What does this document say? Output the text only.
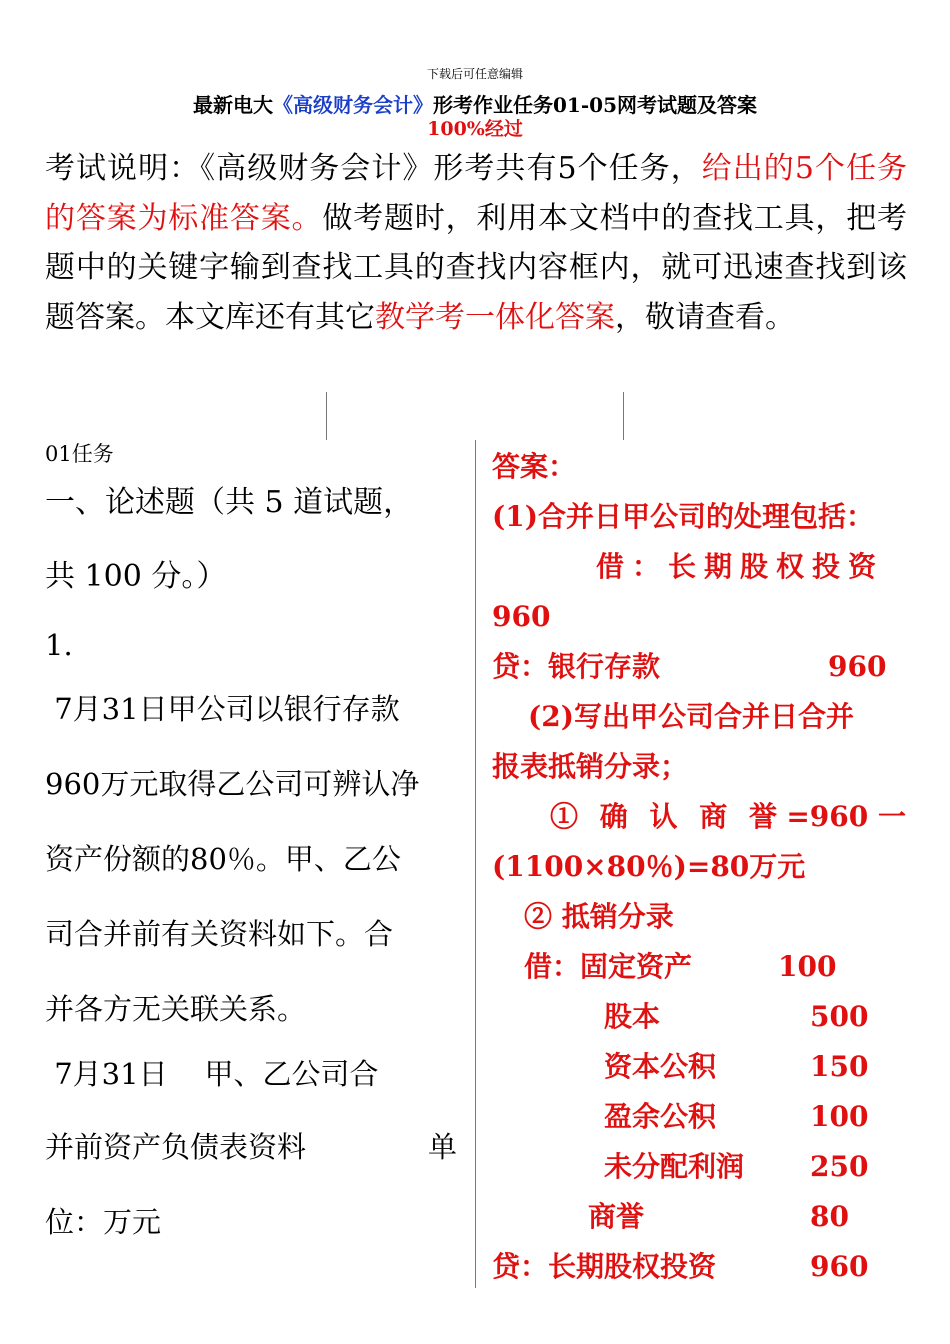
下载后可任意编辑
最新电大《高级财务会计》形考作业任务01-05网考试题及答案
100%经过
考试说明：《高级财务会计》形考共有5个任务，给出的5个任务的答案为标准答案。做考题时，利用本文档中的查找工具，把考题中的关键字输到查找工具的查找内容框内，就可迅速查找到该题答案。本文库还有其它教学考一体化答案，敬请查看。
01任务
一、论述题（共 5 道试题，
共 100 分。）
1.
7月31日甲公司以银行存款
960万元取得乙公司可辨认净
资产份额的80％。甲、乙公
司合并前有关资料如下。合
并各方无关联关系。
7月31日    甲、乙公司合
并前资产负债表资料	单
位：万元
答案：
(1)合并日甲公司的处理包括：
借：长期股权投资
960
贷：银行存款	960
(2)写出甲公司合并日合并
报表抵销分录；
① 确 认 商 誉 =960 一
(1100×80％)=80万元
② 抵销分录
借：固定资产	100
股本	500
资本公积	150
盈余公积	100
未分配利润 250
商誉	80
贷：长期股权投资	960
